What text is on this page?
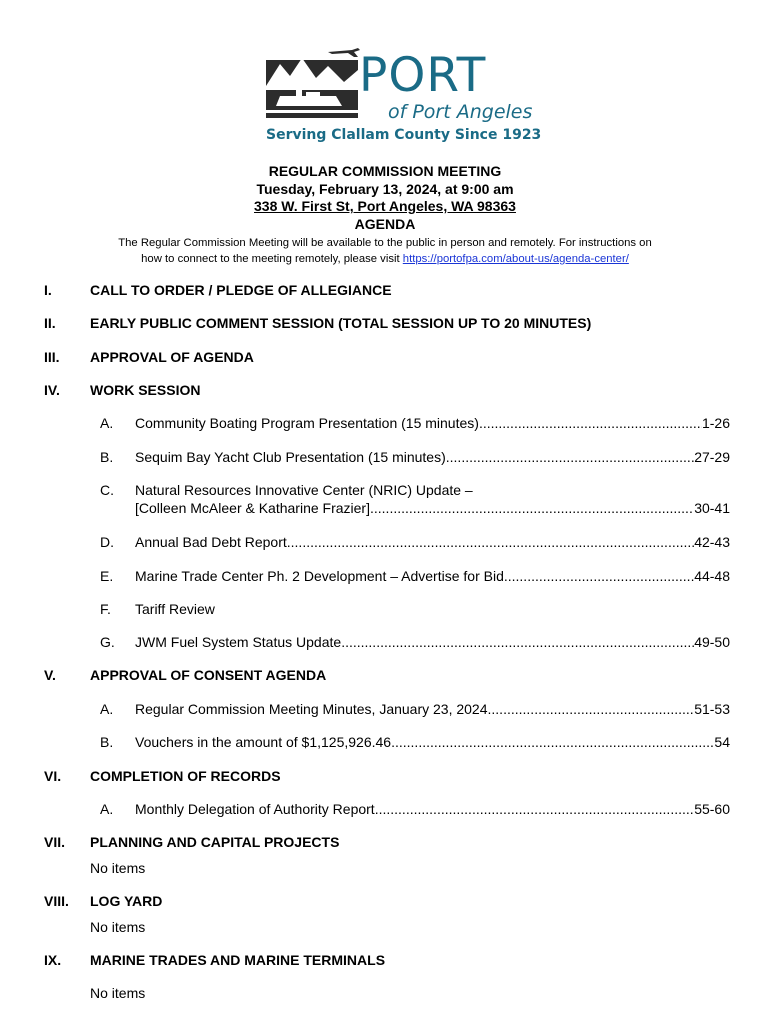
PORT
of Port Angeles
Serving Clallam County Since 1923
REGULAR COMMISSION MEETING
Tuesday, February 13, 2024, at 9:00 am
338 W. First St, Port Angeles, WA 98363
AGENDA
The Regular Commission Meeting will be available to the public in person and remotely. For instructions on
how to connect to the meeting remotely, please visit https://portofpa.com/about-us/agenda-center/
I.	CALL TO ORDER / PLEDGE OF ALLEGIANCE
II. EARLY PUBLIC COMMENT SESSION (TOTAL SESSION UP TO 20 MINUTES)
III. APPROVAL OF AGENDA
IV. WORK SESSION
A. Community Boating Program Presentation (15 minutes) .....	1-26
B. Sequim Bay Yacht Club Presentation (15 minutes) .....	27-29
C. Natural Resources Innovative Center (NRIC) Update –
[Colleen McAleer & Katharine Frazier] .....	30-41
D. Annual Bad Debt Report .....	42-43
E. Marine Trade Center Ph. 2 Development – Advertise for Bid .....	44-48
F. Tariff Review
G. JWM Fuel System Status Update .....	49-50
V. APPROVAL OF CONSENT AGENDA
A. Regular Commission Meeting Minutes, January 23, 2024 .....	51-53
B. Vouchers in the amount of $1,125,926.46 .....	54
VI. COMPLETION OF RECORDS
A. Monthly Delegation of Authority Report .....	55-60
VII. PLANNING AND CAPITAL PROJECTS
No items
VIII. LOG YARD
No items
IX. MARINE TRADES AND MARINE TERMINALS
No items
